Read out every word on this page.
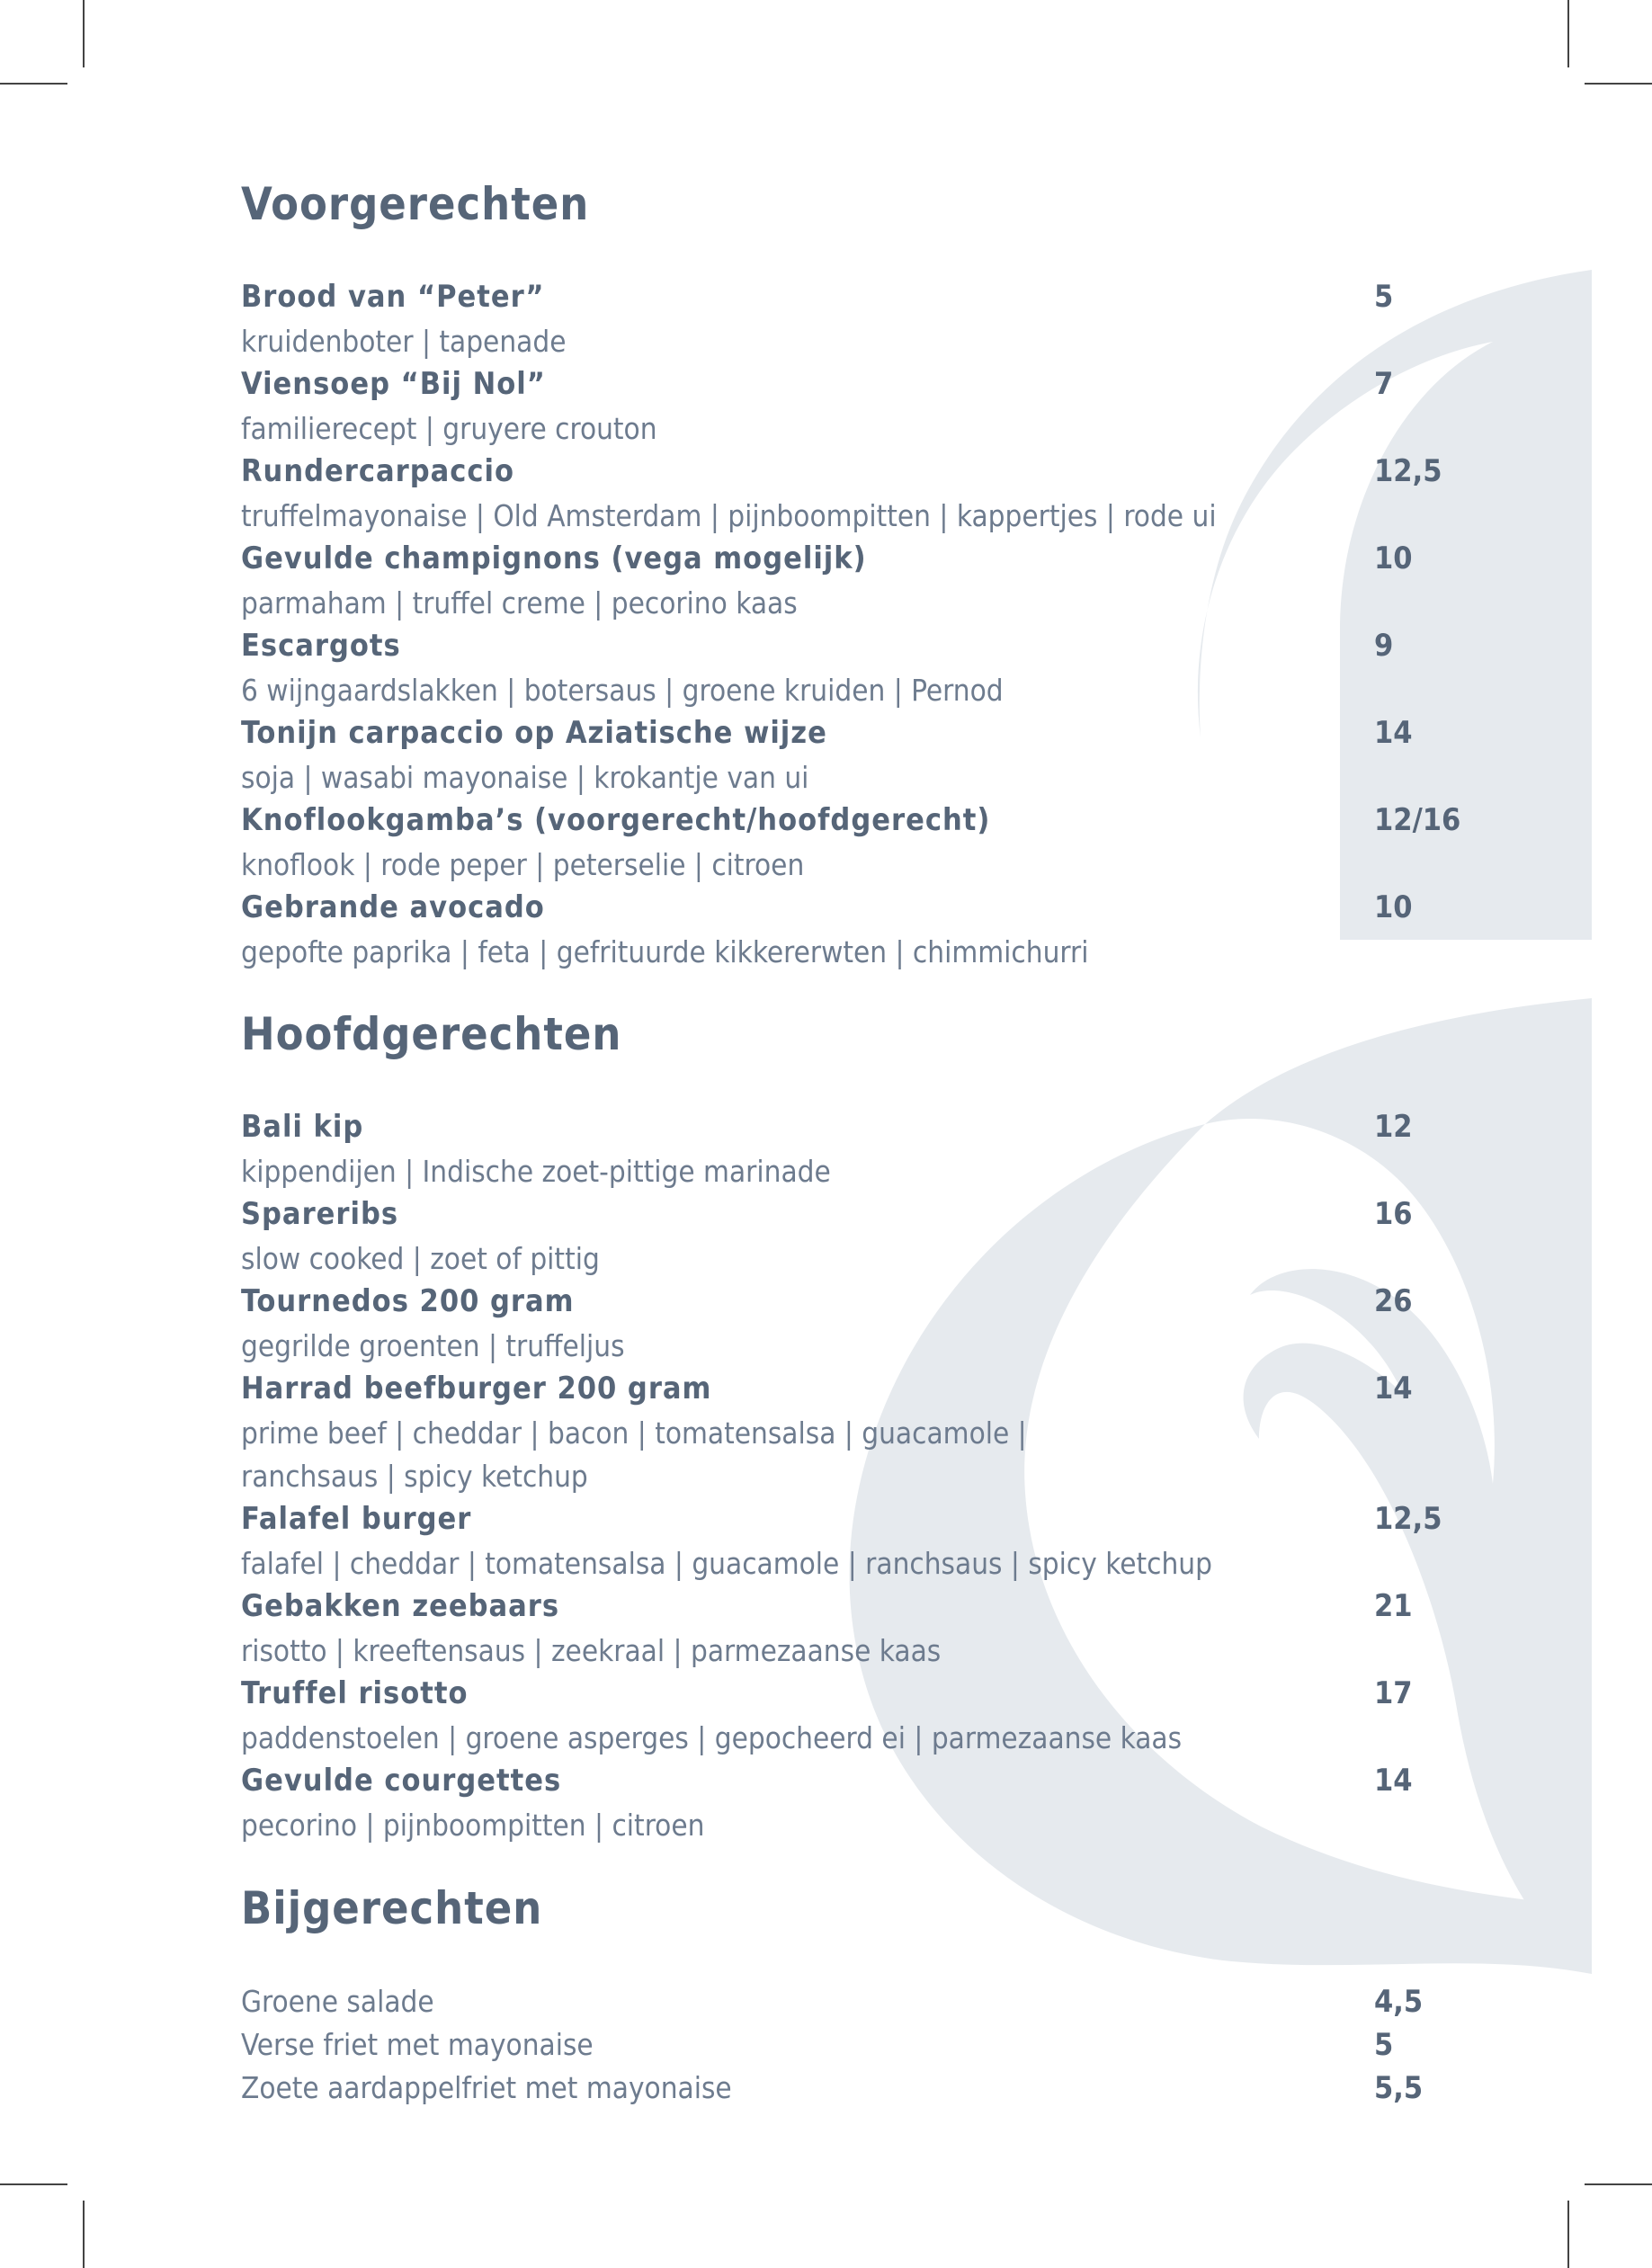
Voorgerechten
Brood van “Peter”	5
kruidenboter | tapenade
Viensoep “Bij Nol”	7
familierecept | gruyere crouton
Rundercarpaccio	12,5
truffelmayonaise | Old Amsterdam | pijnboompitten | kappertjes | rode ui
Gevulde champignons (vega mogelijk)	10
parmaham | truffel creme | pecorino kaas
Escargots	9
6 wijngaardslakken | botersaus | groene kruiden | Pernod
Tonijn carpaccio op Aziatische wijze	14
soja | wasabi mayonaise | krokantje van ui
Knoflookgamba’s (voorgerecht/hoofdgerecht)	12/16
knoflook | rode peper | peterselie | citroen
Gebrande avocado	10
gepofte paprika | feta | gefrituurde kikkererwten | chimmichurri
Hoofdgerechten
Bali kip	12
kippendijen | Indische zoet-pittige marinade
Spareribs	16
slow cooked | zoet of pittig
Tournedos 200 gram	26
gegrilde groenten | truffeljus
Harrad beefburger 200 gram	14
prime beef | cheddar | bacon | tomatensalsa | guacamole |
ranchsaus | spicy ketchup
Falafel burger	12,5
falafel | cheddar | tomatensalsa | guacamole | ranchsaus | spicy ketchup
Gebakken zeebaars	21
risotto | kreeftensaus | zeekraal | parmezaanse kaas
Truffel risotto	17
paddenstoelen | groene asperges | gepocheerd ei | parmezaanse kaas
Gevulde courgettes	14
pecorino | pijnboompitten | citroen
Bijgerechten
Groene salade	4,5
Verse friet met mayonaise	5
Zoete aardappelfriet met mayonaise	5,5
